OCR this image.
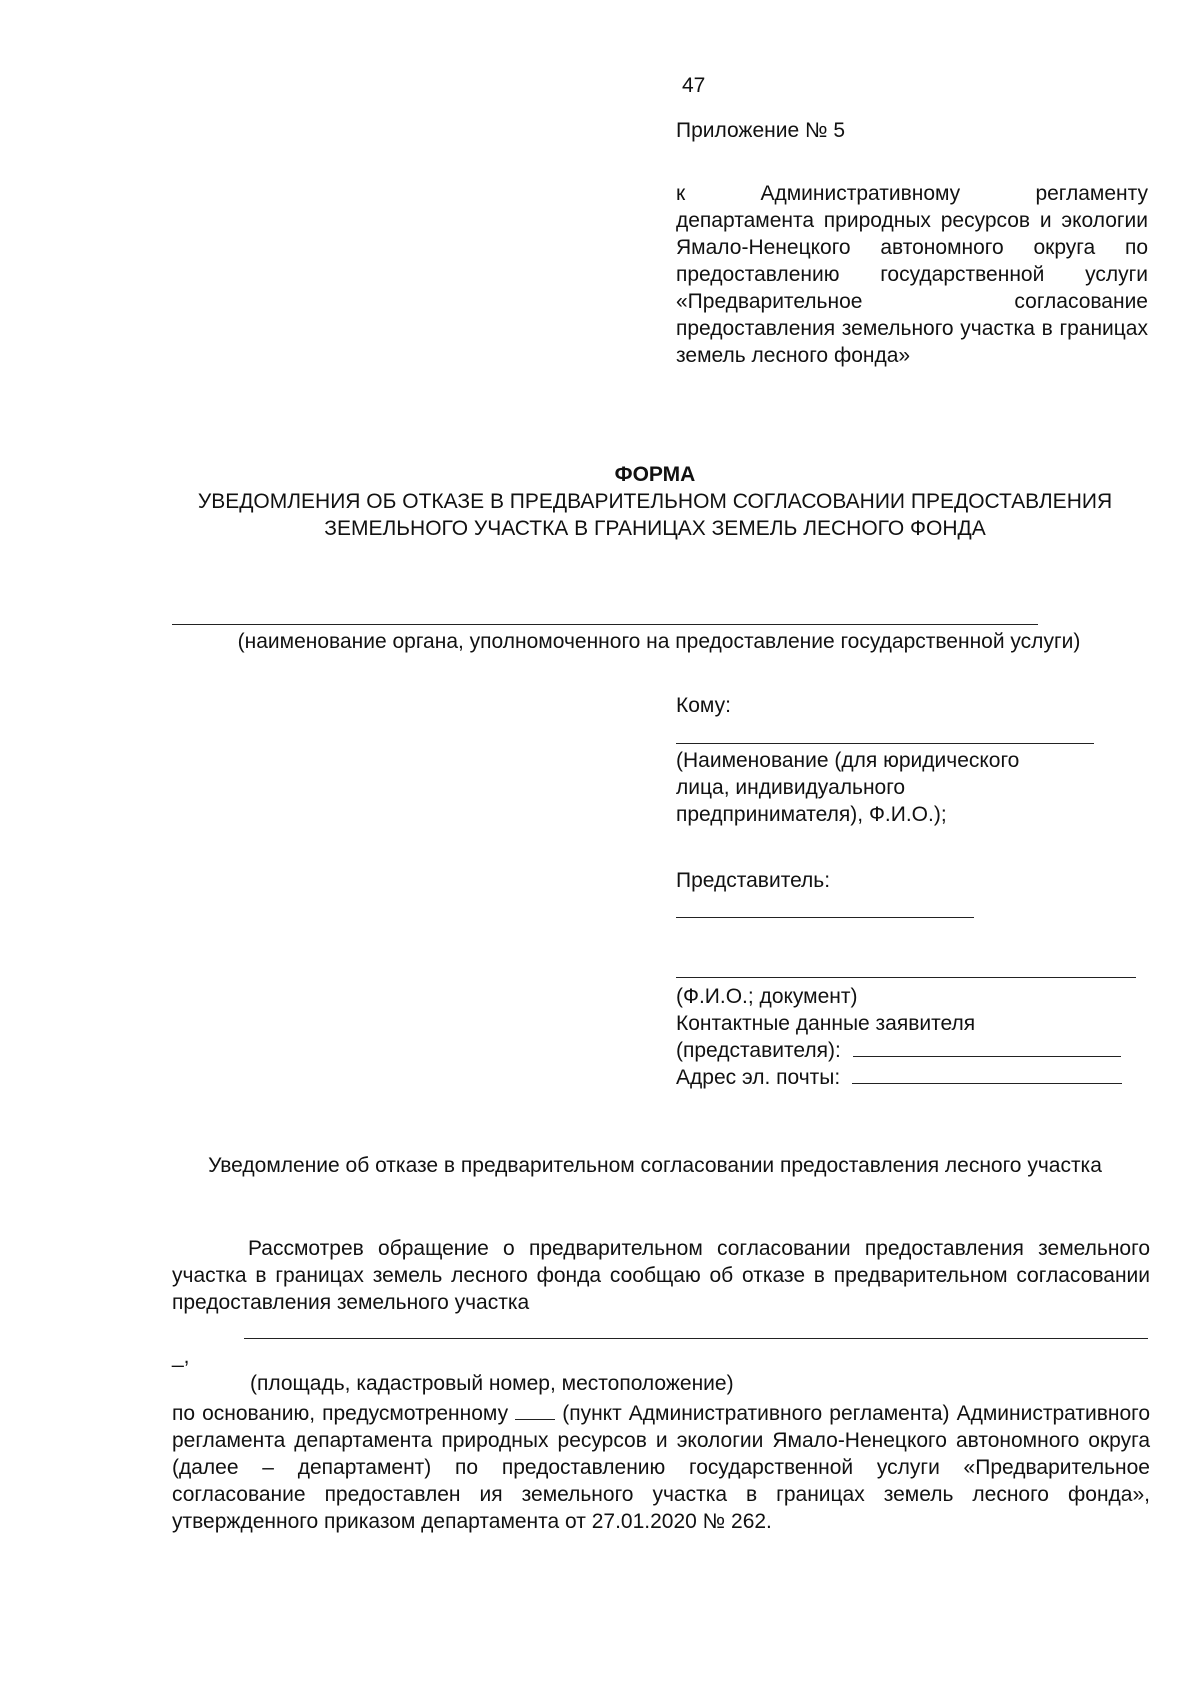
47
Приложение № 5
к Административному регламенту департамента природных ресурсов и экологии Ямало-Ненецкого автономного округа по предоставлению государственной услуги «Предварительное согласование предоставления земельного участка в границах земель лесного фонда»
ФОРМА
УВЕДОМЛЕНИЯ ОБ ОТКАЗЕ В ПРЕДВАРИТЕЛЬНОМ СОГЛАСОВАНИИ ПРЕДОСТАВЛЕНИЯ ЗЕМЕЛЬНОГО УЧАСТКА В ГРАНИЦАХ ЗЕМЕЛЬ ЛЕСНОГО ФОНДА
(наименование органа, уполномоченного на предоставление государственной услуги)
Кому:
(Наименование (для юридического
лица, индивидуального
предпринимателя), Ф.И.О.);
Представитель:
(Ф.И.О.; документ)
Контактные данные заявителя
(представителя):
Адрес эл. почты:
Уведомление об отказе в предварительном согласовании предоставления лесного участка
Рассмотрев обращение о предварительном согласовании предоставления земельного участка в границах земель лесного фонда сообщаю об отказе в предварительном согласовании предоставления земельного участка
_,
(площадь, кадастровый номер, местоположение)
по основанию, предусмотренному	(пункт Административного регламента) Административного регламента департамента природных ресурсов и экологии Ямало-Ненецкого автономного округа (далее – департамент) по предоставлению государственной услуги «Предварительное согласование предоставлен ия земельного участка в границах земель лесного фонда», утвержденного приказом департамента от 27.01.2020 № 262.
